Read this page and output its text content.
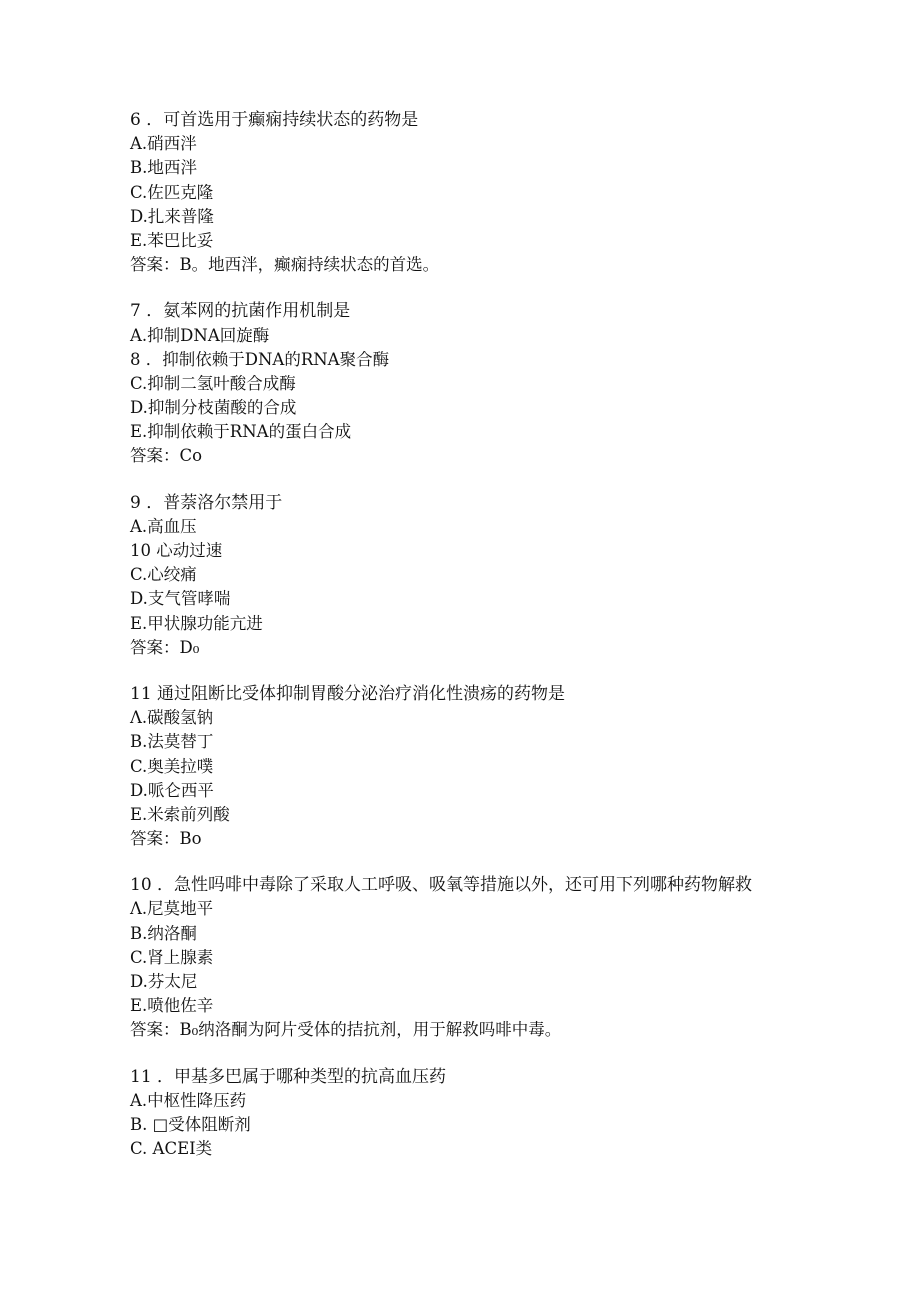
6 ．可首选用于癫痫持续状态的药物是
A.硝西泮
B.地西泮
C.佐匹克隆
D.扎来普隆
E.苯巴比妥
答案：B。地西泮，癫痫持续状态的首选。
7 ．氨苯网的抗菌作用机制是
A.抑制DNA回旋酶
8 ．抑制依赖于DNA的RNA聚合酶
C.抑制二氢叶酸合成酶
D.抑制分枝菌酸的合成
E.抑制依赖于RNA的蛋白合成
答案：Co
9 ．普萘洛尔禁用于
A.高血压
10 心动过速
C.心绞痛
D.支气管哮喘
E.甲状腺功能亢进
答案：D₀
11 通过阻断比受体抑制胃酸分泌治疗消化性溃疡的药物是
Λ.碳酸氢钠
B.法莫替丁
C.奥美拉噗
D.哌仑西平
E.米索前列酸
答案：Bo
10 ．急性吗啡中毒除了采取人工呼吸、吸氧等措施以外，还可用下列哪种药物解救
Λ.尼莫地平
B.纳洛酮
C.肾上腺素
D.芬太尼
E.喷他佐辛
答案：B₀纳洛酮为阿片受体的拮抗剂，用于解救吗啡中毒。
11 ．甲基多巴属于哪种类型的抗高血压药
A.中枢性降压药
B. □受体阻断剂
C. ACEI类
